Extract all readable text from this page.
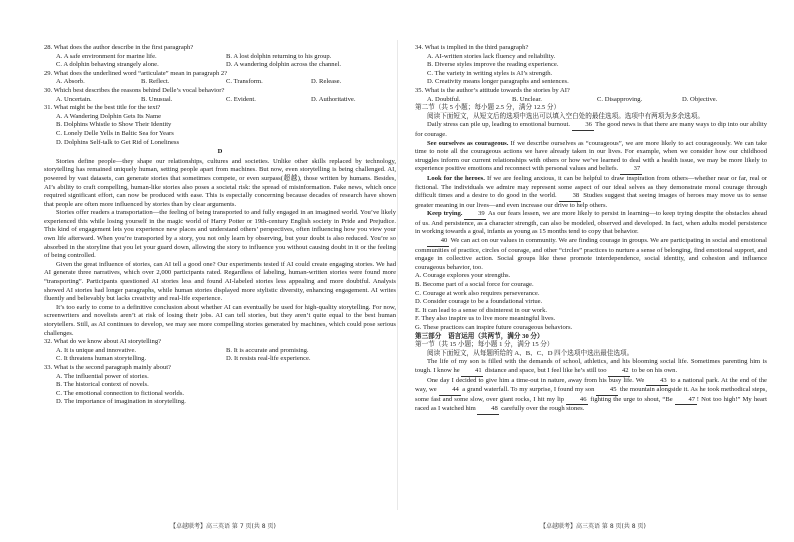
28. What does the author describe in the first paragraph?

A. A safe environment for marine life.	B. A lost dolphin returning to his group.
C. A dolphin behaving strangely alone.	D. A wandering dolphin across the channel.

29. What does the underlined word “articulate” mean in paragraph 2?

A. Absorb.	B. Reflect.	C. Transform.	D. Release.

30. Which best describes the reasons behind Delle’s vocal behavior?

A. Uncertain.	B. Unusual.	C. Evident.	D. Authoritative.

31. What might be the best title for the text?

A. A Wandering Dolphin Gets Its Name
B. Dolphins Whistle to Show Their Identity
C. Lonely Delle Yells in Baltic Sea for Years
D. Dolphins Self-talk to Get Rid of Loneliness

D

Stories define people—they shape our relationships, cultures and societies. Unlike other skills replaced by technology, storytelling has remained uniquely human, setting people apart from machines. But now, even storytelling is being challenged. AI, powered by vast datasets, can generate stories that sometimes compete, or even surpass(超越), those written by humans. Besides, AI’s ability to craft compelling, human-like stories also poses a societal risk: the spread of misinformation. Fake news, which once required significant effort, can now be produced with ease. This is especially concerning because decades of research have shown that people are often more influenced by stories than by clear arguments.

Stories offer readers a transportation—the feeling of being transported to and fully engaged in an imagined world. You’ve likely experienced this while losing yourself in the magic world of Harry Potter or 19th-century English society in Pride and Prejudice. This kind of engagement lets you experience new places and understand others’ perspectives, often influencing how you view your own life afterward. When you’re transported by a story, you not only learn by observing, but your doubt is also reduced. You’re so absorbed in the storyline that you let your guard down, allowing the story to influence you without causing doubt in it or the feeling of being controlled.

Given the great influence of stories, can AI tell a good one? Our experiments tested if AI could create engaging stories. We had AI generate three narratives, which over 2,000 participants rated. Regardless of labeling, human-written stories were found more “transporting”. Participants questioned AI stories less and found AI-labeled stories less appealing and more doubtful. Analysis showed AI stories had longer paragraphs, while human stories displayed more stylistic diversity, enhancing engagement. AI writes fluently and believably but lacks creativity and real-life experience.

It’s too early to come to a definitive conclusion about whether AI can eventually be used for high-quality storytelling. For now, screenwriters and novelists aren’t at risk of losing their jobs. AI can tell stories, but they aren’t quite equal to the best human storytellers. Still, as AI continues to develop, we may see more compelling stories generated by machines, which could pose serious challenges.

32. What do we know about AI storytelling?

A. It is unique and innovative.	B. It is accurate and promising.
C. It threatens human storytelling.	D. It resists real-life experience.

33. What is the second paragraph mainly about?

A. The influential power of stories.
B. The historical context of novels.
C. The emotional connection to fictional worlds.
D. The importance of imagination in storytelling.

34. What is implied in the third paragraph?

A. AI-written stories lack fluency and reliability.
B. Diverse styles improve the reading experience.
C. The variety in writing styles is AI’s strength.
D. Creativity means longer paragraphs and sentences.

35. What is the author’s attitude towards the stories by AI?

A. Doubtful.	B. Unclear.	C. Disapproving.	D. Objective.

第二节（共 5 小题；每小题 2.5 分，满分 12.5 分）

阅读下面短文，从短文后的选项中选出可以填入空白处的最佳选项。选项中有两项为多余选项。

Daily stress can pile up, leading to emotional burnout. 36 The good news is that there are many ways to dip into our ability for courage.

See ourselves as courageous. If we describe ourselves as “courageous”, we are more likely to act courageously. We can take time to note all the courageous actions we have already taken in our lives. For example, when we consider how our childhood struggles inform our current relationships with others or how we’ve learned to deal with a health issue, we may be more likely to experience positive emotions and reconnect with personal values and beliefs. 37

Look for the heroes. If we are feeling anxious, it can be helpful to draw inspiration from others—whether near or far, real or fictional. The individuals we admire may represent some aspect of our ideal selves as they demonstrate moral courage through difficult times and a desire to do good in the world. 38 Studies suggest that seeing images of heroes may move us to sense greater meaning in our lives—and even increase our drive to help others.

Keep trying. 39 As our fears lessen, we are more likely to persist in learning—to keep trying despite the obstacles ahead of us. And persistence, as a character strength, can also be modeled, observed and developed. In fact, when adults model persistence in working towards a goal, infants as young as 15 months tend to copy that behavior.

40 We can act on our values in community. We are finding courage in groups. We are participating in social and emotional communities of practice, circles of courage, and other “circles” practices to nurture a sense of belonging, find emotional support, and engage in collective action. Social groups like these promote interdependence, social identity, and cohesion and influence courageous behavior, too.

A. Courage explores your strengths.
B. Become part of a social force for courage.
C. Courage at work also requires perseverance.
D. Consider courage to be a foundational virtue.
E. It can lead to a sense of disinterest in our work.
F. They also inspire us to live more meaningful lives.
G. These practices can inspire future courageous behaviors.

第三部分　语言运用（共两节，满分 30 分）

第一节（共 15 小题；每小题 1 分，满分 15 分）

阅读下面短文，从每题所给的 A、B、C、D 四个选项中选出最佳选项。

The life of my son is filled with the demands of school, athletics, and his blooming social life. Sometimes parenting him is tough. I know he 41 distance and space, but I feel like he’s still too 42 to be on his own.

One day I decided to give him a time-out in nature, away from his busy life. We 43 to a national park. At the end of the way, we 44 a grand waterfall. To my surprise, I found my son 45 the mountain alongside it. As he took methodical steps, some fast and some slow, over giant rocks, I hit my lip 46 fighting the urge to shout, “Be 47 ! Not too high!” My heart raced as I watched him 48 carefully over the rough stones.

【卓越联考】高三英语 第 7 页(共 8 页)	【卓越联考】高三英语 第 8 页(共 8 页)
